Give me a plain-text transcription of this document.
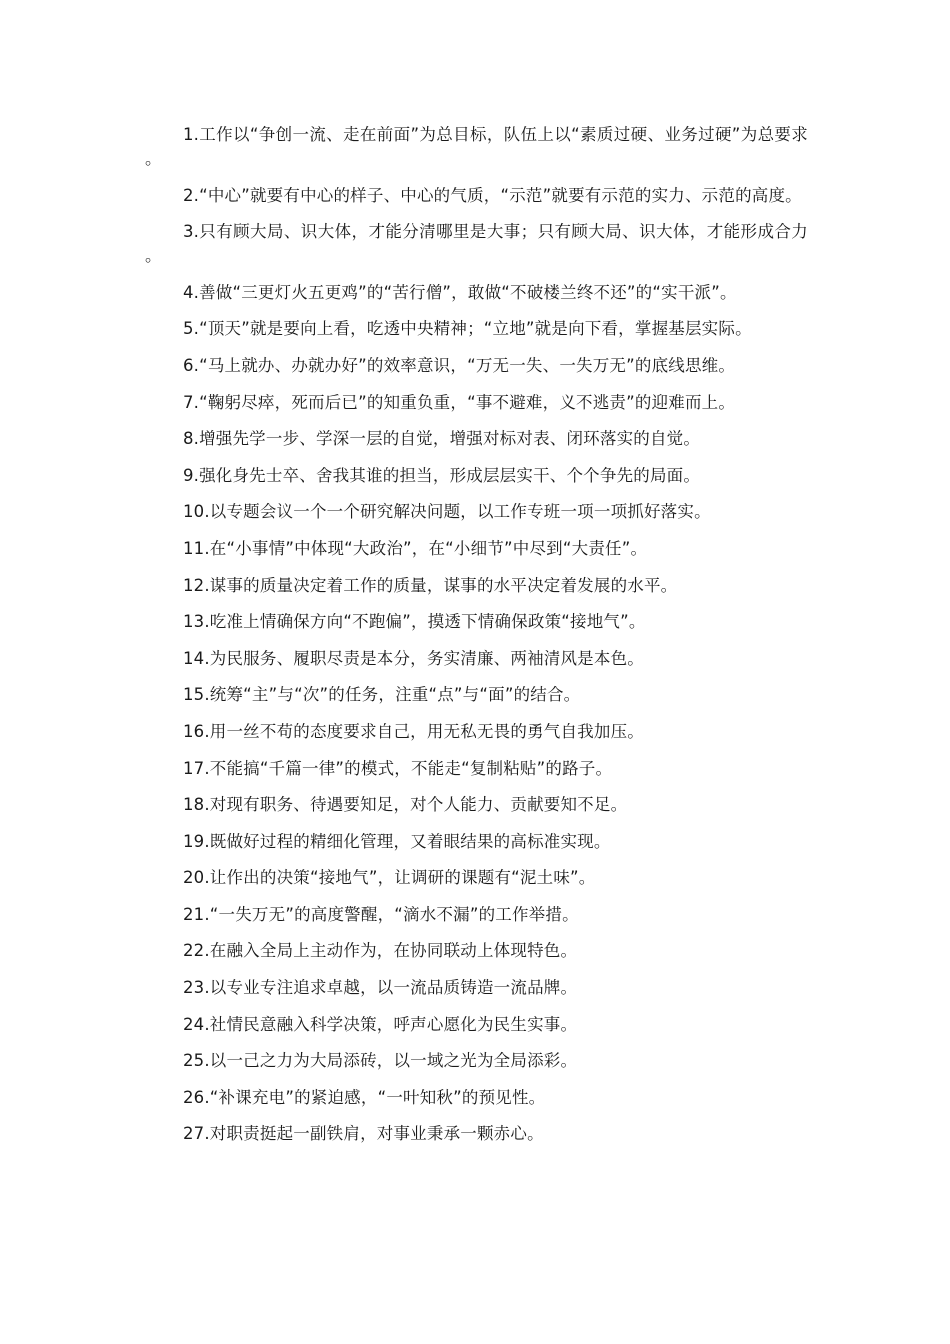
1.工作以“争创一流、走在前面”为总目标，队伍上以“素质过硬、业务过硬”为总要求。

2.“中心”就要有中心的样子、中心的气质，“示范”就要有示范的实力、示范的高度。

3.只有顾大局、识大体，才能分清哪里是大事；只有顾大局、识大体，才能形成合力。

4.善做“三更灯火五更鸡”的“苦行僧”，敢做“不破楼兰终不还”的“实干派”。

5.“顶天”就是要向上看，吃透中央精神；“立地”就是向下看，掌握基层实际。

6.“马上就办、办就办好”的效率意识，“万无一失、一失万无”的底线思维。

7.“鞠躬尽瘁，死而后已”的知重负重，“事不避难，义不逃责”的迎难而上。

8.增强先学一步、学深一层的自觉，增强对标对表、闭环落实的自觉。

9.强化身先士卒、舍我其谁的担当，形成层层实干、个个争先的局面。

10.以专题会议一个一个研究解决问题，以工作专班一项一项抓好落实。

11.在“小事情”中体现“大政治”，在“小细节”中尽到“大责任”。

12.谋事的质量决定着工作的质量，谋事的水平决定着发展的水平。

13.吃准上情确保方向“不跑偏”，摸透下情确保政策“接地气”。

14.为民服务、履职尽责是本分，务实清廉、两袖清风是本色。

15.统筹“主”与“次”的任务，注重“点”与“面”的结合。

16.用一丝不苟的态度要求自己，用无私无畏的勇气自我加压。

17.不能搞“千篇一律”的模式，不能走“复制粘贴”的路子。

18.对现有职务、待遇要知足，对个人能力、贡献要知不足。

19.既做好过程的精细化管理，又着眼结果的高标准实现。

20.让作出的决策“接地气”，让调研的课题有“泥土味”。

21.“一失万无”的高度警醒，“滴水不漏”的工作举措。

22.在融入全局上主动作为，在协同联动上体现特色。

23.以专业专注追求卓越，以一流品质铸造一流品牌。

24.社情民意融入科学决策，呼声心愿化为民生实事。

25.以一己之力为大局添砖，以一域之光为全局添彩。

26.“补课充电”的紧迫感，“一叶知秋”的预见性。

27.对职责挺起一副铁肩，对事业秉承一颗赤心。
